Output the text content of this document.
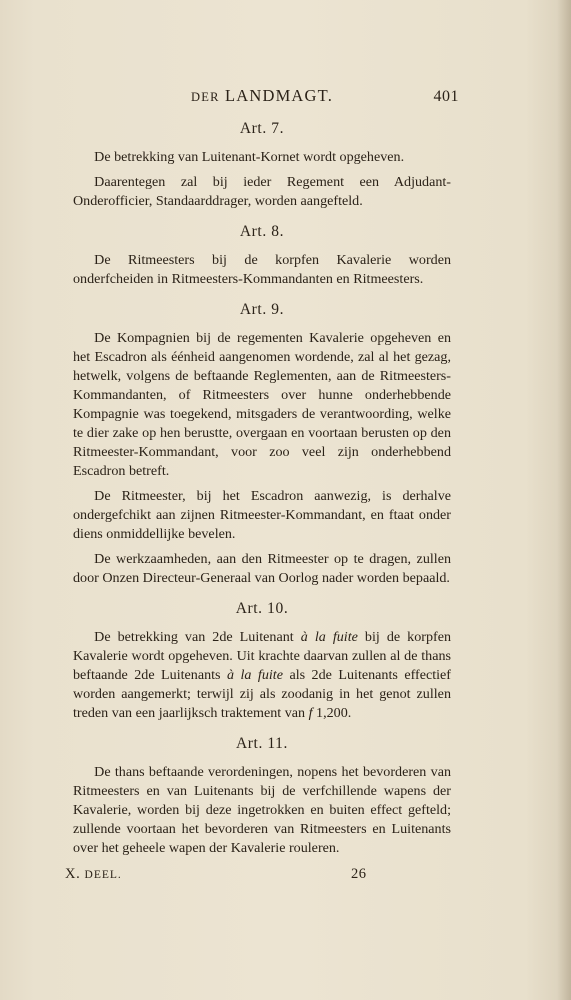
DER LANDMAGT.	401
Art. 7.

De betrekking van Luitenant-Kornet wordt opgeheven.

Daarentegen zal bij ieder Regement een Adjudant-Onderofficier, Standaarddrager, worden aangefteld.

Art. 8.

De Ritmeesters bij de korpfen Kavalerie worden onderfcheiden in Ritmeesters-Kommandanten en Ritmeesters.

Art. 9.

De Kompagnien bij de regementen Kavalerie opgeheven en het Escadron als éénheid aangenomen wordende, zal al het gezag, hetwelk, volgens de beftaande Reglementen, aan de Ritmeesters-Kommandanten, of Ritmeesters over hunne onderhebbende Kompagnie was toegekend, mitsgaders de verantwoording, welke te dier zake op hen berustte, overgaan en voortaan berusten op den Ritmeester-Kommandant, voor zoo veel zijn onderhebbend Escadron betreft.

De Ritmeester, bij het Escadron aanwezig, is derhalve ondergefchikt aan zijnen Ritmeester-Kommandant, en ftaat onder diens onmiddellijke bevelen.

De werkzaamheden, aan den Ritmeester op te dragen, zullen door Onzen Directeur-Generaal van Oorlog nader worden bepaald.

Art. 10.

De betrekking van 2de Luitenant à la fuite bij de korpfen Kavalerie wordt opgeheven. Uit krachte daarvan zullen al de thans beftaande 2de Luitenants à la fuite als 2de Luitenants effectief worden aangemerkt; terwijl zij als zoodanig in het genot zullen treden van een jaarlijksch traktement van f 1,200.

Art. 11.

De thans beftaande verordeningen, nopens het bevorderen van Ritmeesters en van Luitenants bij de verfchillende wapens der Kavalerie, worden bij deze ingetrokken en buiten effect gefteld; zullende voortaan het bevorderen van Ritmeesters en Luitenants over het geheele wapen der Kavalerie rouleren.

X. DEEL.	26
